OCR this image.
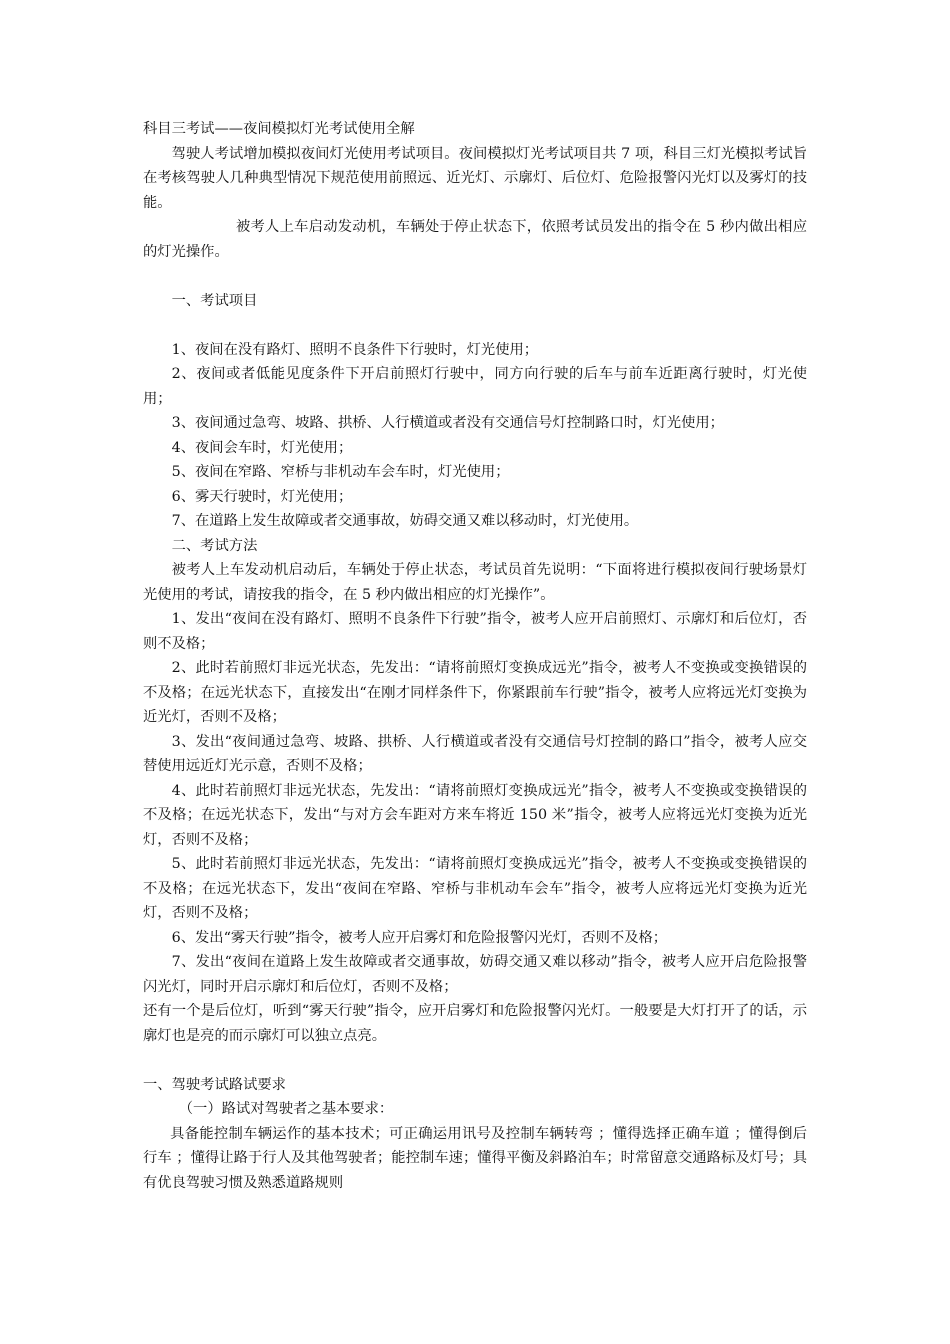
科目三考试——夜间模拟灯光考试使用全解

驾驶人考试增加模拟夜间灯光使用考试项目。夜间模拟灯光考试项目共 7 项，科目三灯光模拟考试旨在考核驾驶人几种典型情况下规范使用前照远、近光灯、示廓灯、后位灯、危险报警闪光灯以及雾灯的技能。

被考人上车启动发动机，车辆处于停止状态下，依照考试员发出的指令在 5 秒内做出相应的灯光操作。

一、考试项目

1、夜间在没有路灯、照明不良条件下行驶时，灯光使用；

2、夜间或者低能见度条件下开启前照灯行驶中，同方向行驶的后车与前车近距离行驶时，灯光使用；

3、夜间通过急弯、坡路、拱桥、人行横道或者没有交通信号灯控制路口时，灯光使用；

4、夜间会车时，灯光使用；

5、夜间在窄路、窄桥与非机动车会车时，灯光使用；

6、雾天行驶时，灯光使用；

7、在道路上发生故障或者交通事故，妨碍交通又难以移动时，灯光使用。

二、考试方法

被考人上车发动机启动后，车辆处于停止状态，考试员首先说明：“下面将进行模拟夜间行驶场景灯光使用的考试，请按我的指令，在 5 秒内做出相应的灯光操作”。

1、发出“夜间在没有路灯、照明不良条件下行驶”指令，被考人应开启前照灯、示廓灯和后位灯，否则不及格；

2、此时若前照灯非远光状态，先发出：“请将前照灯变换成远光”指令，被考人不变换或变换错误的不及格；在远光状态下，直接发出“在刚才同样条件下，你紧跟前车行驶”指令，被考人应将远光灯变换为近光灯，否则不及格；

3、发出“夜间通过急弯、坡路、拱桥、人行横道或者没有交通信号灯控制的路口”指令，被考人应交替使用远近灯光示意，否则不及格；

4、此时若前照灯非远光状态，先发出：“请将前照灯变换成远光”指令，被考人不变换或变换错误的不及格；在远光状态下，发出“与对方会车距对方来车将近 150 米”指令，被考人应将远光灯变换为近光灯，否则不及格；

5、此时若前照灯非远光状态，先发出：“请将前照灯变换成远光”指令，被考人不变换或变换错误的不及格；在远光状态下，发出“夜间在窄路、窄桥与非机动车会车”指令，被考人应将远光灯变换为近光灯，否则不及格；

6、发出“雾天行驶”指令，被考人应开启雾灯和危险报警闪光灯，否则不及格；

7、发出“夜间在道路上发生故障或者交通事故，妨碍交通又难以移动”指令，被考人应开启危险报警闪光灯，同时开启示廓灯和后位灯，否则不及格；

还有一个是后位灯，听到“雾天行驶”指令，应开启雾灯和危险报警闪光灯。一般要是大灯打开了的话，示廓灯也是亮的而示廓灯可以独立点亮。

一、驾驶考试路试要求

（一）路试对驾驶者之基本要求：

具备能控制车辆运作的基本技术；可正确运用讯号及控制车辆转弯 ；懂得选择正确车道 ；懂得倒后行车 ；懂得让路于行人及其他驾驶者；能控制车速；懂得平衡及斜路泊车；时常留意交通路标及灯号；具有优良驾驶习惯及熟悉道路规则
